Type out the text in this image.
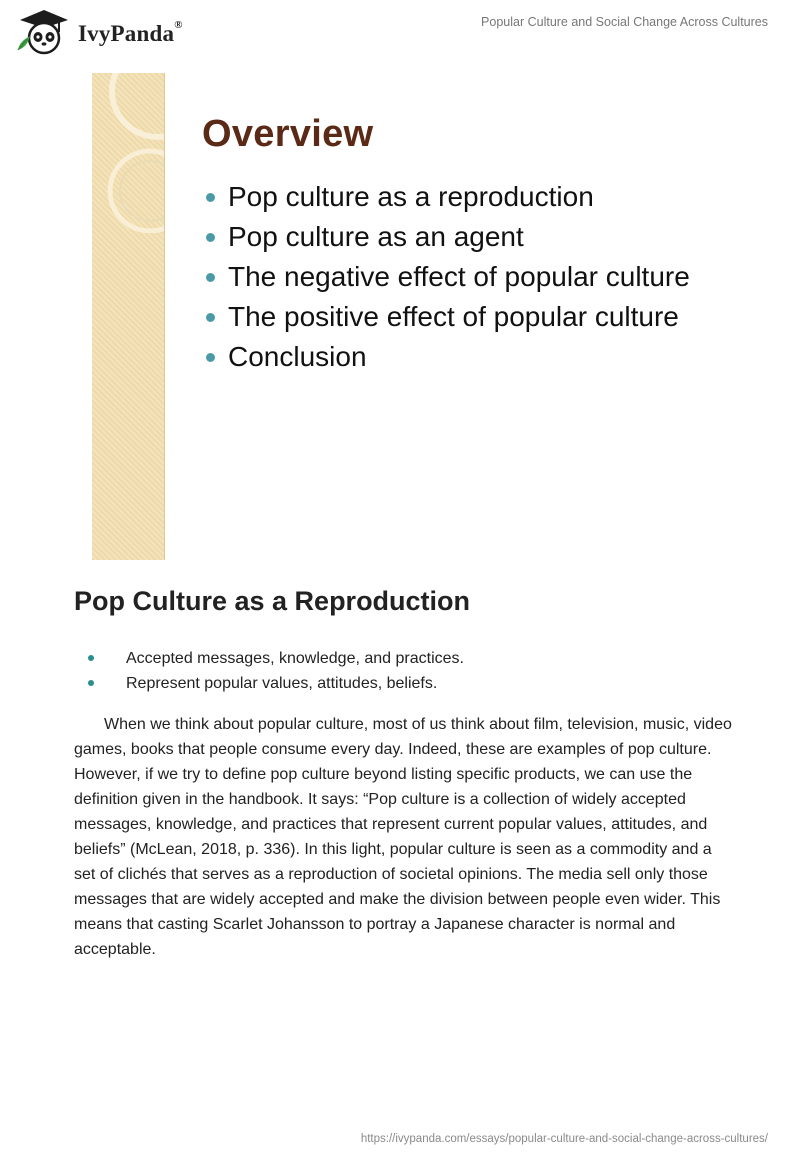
IvyPanda®	Popular Culture and Social Change Across Cultures
Overview
Pop culture as a reproduction
Pop culture as an agent
The negative effect of popular culture
The positive effect of popular culture
Conclusion
Pop Culture as a Reproduction
Accepted messages, knowledge, and practices.
Represent popular values, attitudes, beliefs.

When we think about popular culture, most of us think about film, television, music, video games, books that people consume every day. Indeed, these are examples of pop culture. However, if we try to define pop culture beyond listing specific products, we can use the definition given in the handbook. It says: “Pop culture is a collection of widely accepted messages, knowledge, and practices that represent current popular values, attitudes, and beliefs” (McLean, 2018, p. 336). In this light, popular culture is seen as a commodity and a set of clichés that serves as a reproduction of societal opinions. The media sell only those messages that are widely accepted and make the division between people even wider. This means that casting Scarlet Johansson to portray a Japanese character is normal and acceptable.

https://ivypanda.com/essays/popular-culture-and-social-change-across-cultures/
